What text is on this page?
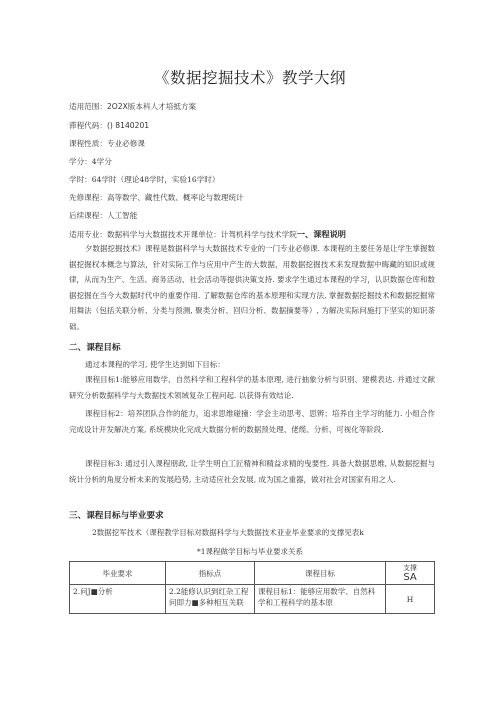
《数据挖掘技术》教学大纲
适用范围：2O2X版本科人才培抵方案
滞程代码：() 8140201
课程性质：专业必修课
学分：4学分
学时：64学时（理论48学时，实验16学时）
先修课程：高等数学、藏性代数、概率论与数理统计
后续课程：人工智能
适用专业：数据科学与大数据技术开课单位：计驾机科学与技术学院一、课程说明

夕数据挖掘技术》课程是数据科学与大数据技术专业的一门专业必修课. 本课程的主要任务是让学生掌握数据挖掘权本概念与算法，针对实际工作与应用中产生的大数据，用数据挖掘技术来发现数据中晦藏的知识或规律，从而为生产、生活、商务活动、社会活动等提供决策支持. 要求学生通过本课程的学习，认识数据仓库和数据挖掘在当今大数据时代中的重要作用. 了解数据仓库的基本原理和实现方法, 掌握数据挖掘技术和数据挖掘常用舞法（包括关联分析、分类与预测, 聚类分析、回归分析、数据摘要等）, 为解决实际问施打下坚实的知识荼础。

二、课程目标
通过本课程的学习, 使学生达到如下目标：

课程目标1:能够应用数学、自然科学和工程科学的基本原理, 进行抽象分析与识别、建模表达. 并通过文献研究分析数据科学与大数据技术领域复杂工程问起. 以获得有效结论.

课程目标2：培养团队合作的能力，追求思维碰撞：学会主动思考、思辨；培养自主学习的能力. 小组合作完成设计开发解决方案, 系统模块化完成大数据分析的数据预处理、佬缆、分析、可视化等阶段.

课程目标3: 通过引入课程朋政, 让学生明白工匠精神和精益求精的曳要性. 具备大数据思维, 从数据挖掘与统计分析的角度分析未来的发展趋势, 主动适应社会发展, 成为国之重器，做对社会对国家有用之人.

三、课程目标与毕业要求
2数据挖军技术（课程教学目标对数据科学与大数据技术亚业毕业要求的支撑见表k
*1课程做学目标与毕业要求关系
毕业要求	指标点	课程目标	支撑
SA

2.问J■分析	2.2能修认识到红杂工程问即力■多种相互关联	课程目标1：能够应用数学、自然科学和工程科学的基本原	H
